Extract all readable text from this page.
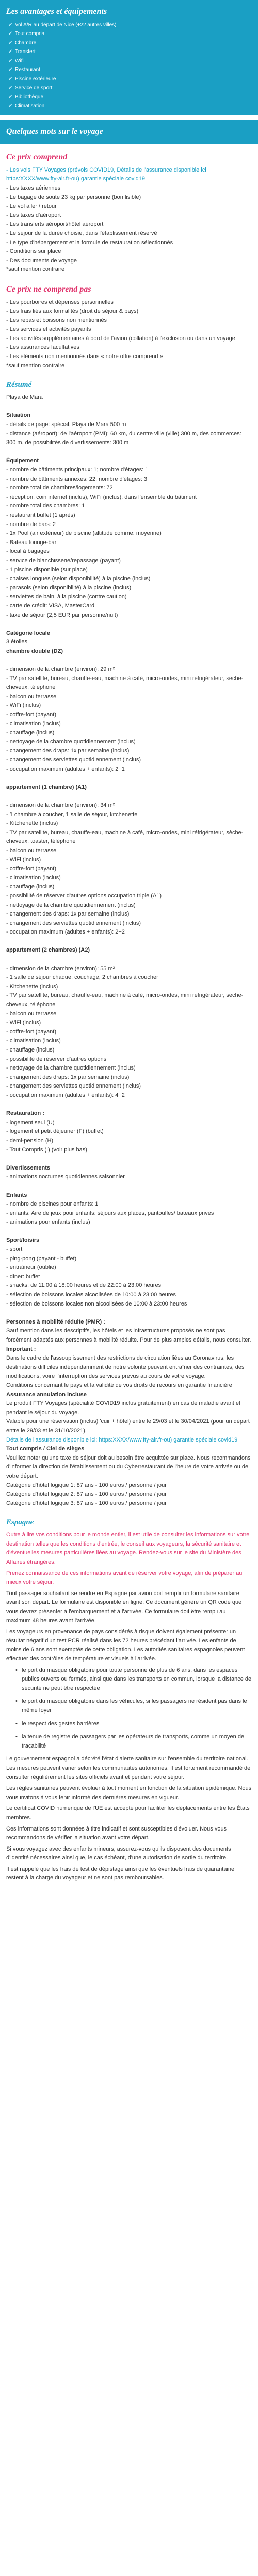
Les avantages et équipements
✔ Vol A/R au départ de Nice (+22 autres villes)
✔ Tout compris
✔ Chambre
✔ Transfert
✔ Wifi
✔ Restaurant
✔ Piscine extérieure
✔ Service de sport
✔ Bibliothèque
✔ Climatisation
Quelques mots sur le voyage
Ce prix comprend
- Les vols FTY Voyages (prévols COVID19, Détails de l'assurance disponible ici https:XXXX/www.fty-air.fr-ou) garantie spéciale covid19
- Les taxes aériennes
- Le bagage de soute 23 kg par personne (bon lisible)
- Le vol aller / retour
- Les taxes d'aéroport
- Les transferts aéroport/hôtel aéroport
- Le séjour de la durée choisie, dans l'établissement réservé
- Le type d'hébergement et la formule de restauration sélectionnés
- Conditions sur place
- Des documents de voyage
*sauf mention contraire
Ce prix ne comprend pas
- Les pourboires et dépenses personnelles
- Les frais liés aux formalités (droit de séjour & pays)
- Les repas et boissons non mentionnés
- Les services et activités payants
- Les activités supplémentaires à bord de l'avion (collation) à l'exclusion ou dans un voyage
- Les assurances facultatives
- Les éléments non mentionnés dans « notre offre comprend »
*sauf mention contraire
Résumé
Playa de Mara

Situation
- détails de page: spécial. Playa de Mara 500 m
- distance (aéroport): de l'aéroport (PMI): 60 km, du centre ville (ville) 300 m, des commerces: 300 m, de possibilités de divertissements: 300 m

Équipement
- nombre de bâtiments principaux: 1; nombre d'étages: 1
- nombre de bâtiments annexes: 22; nombre d'étages: 3
- nombre total de chambres/logements: 72
- réception, coin internet (inclus), WiFi (inclus), dans l'ensemble du bâtiment
- nombre total des chambres: 1
- restaurant buffet (1 après)
- nombre de bars: 2
- 1x Pool (air extérieur) de piscine (altitude comme: moyenne)
- Bateau lounge-bar
- local à bagages
- service de blanchisserie/repassage (payant)
- 1 piscine disponible (sur place)
- chaises longues (selon disponibilité) à la piscine (inclus)
- parasols (selon disponibilité) à la piscine (inclus)
- serviettes de bain, à la piscine (contre caution)
- carte de crédit: VISA, MasterCard
- taxe de séjour (2,5 EUR par personne/nuit)

Catégorie locale
3 étoiles
chambre double (DZ)

- dimension de la chambre (environ): 29 m²
- TV par satellite, bureau, chauffe-eau, machine à café, micro-ondes, mini réfrigérateur, sèche-cheveux, téléphone
- balcon ou terrasse
- WiFi (inclus)
- coffre-fort (payant)
- climatisation (inclus)
- chauffage (inclus)
- nettoyage de la chambre quotidiennement (inclus)
- changement des draps: 1x par semaine (inclus)
- changement des serviettes quotidiennement (inclus)
- occupation maximum (adultes + enfants): 2+1

appartement (1 chambre) (A1)

- dimension de la chambre (environ): 34 m²
- 1 chambre à coucher, 1 salle de séjour, kitchenette
- Kitchenette (inclus)
- TV par satellite, bureau, chauffe-eau, machine à café, micro-ondes, mini réfrigérateur, sèche-cheveux, toaster, téléphone
- balcon ou terrasse
- WiFi (inclus)
- coffre-fort (payant)
- climatisation (inclus)
- chauffage (inclus)
- possibilité de réserver d'autres options occupation triple (A1)
- nettoyage de la chambre quotidiennement (inclus)
- changement des draps: 1x par semaine (inclus)
- changement des serviettes quotidiennement (inclus)
- occupation maximum (adultes + enfants): 2+2

appartement (2 chambres) (A2)

- dimension de la chambre (environ): 55 m²
- 1 salle de séjour chaque, couchage, 2 chambres à coucher
- Kitchenette (inclus)
- TV par satellite, bureau, chauffe-eau, machine à café, micro-ondes, mini réfrigérateur, sèche-cheveux, téléphone
- balcon ou terrasse
- WiFi (inclus)
- coffre-fort (payant)
- climatisation (inclus)
- chauffage (inclus)
- possibilité de réserver d'autres options
- nettoyage de la chambre quotidiennement (inclus)
- changement des draps: 1x par semaine (inclus)
- changement des serviettes quotidiennement (inclus)
- occupation maximum (adultes + enfants): 4+2

Restauration :
- logement seul (U)
- logement et petit déjeuner (F) (buffet)
- demi-pension (H)
- Tout Compris (I) (voir plus bas)

Divertissements
- animations nocturnes quotidiennes saisonnier

Enfants
- nombre de piscines pour enfants: 1
- enfants: Aire de jeux pour enfants: séjours aux places, pantoufles/ bateaux privés
- animations pour enfants (inclus)

Sport/loisirs
- sport
- ping-pong (payant - buffet)
- entraîneur (oublie)
- dîner: buffet
- snacks: de 11:00 à 18:00 heures et de 22:00 à 23:00 heures
- sélection de boissons locales alcoolisées de 10:00 à 23:00 heures
- sélection de boissons locales non alcoolisées de 10:00 à 23:00 heures

Personnes à mobilité réduite (PMR) :
Sauf mention dans les descriptifs, les hôtels et les infrastructures proposés ne sont pas forcément adaptés aux personnes à mobilité réduite. Pour de plus amples détails, nous consulter.
Important :
Dans le cadre de l'assouplissement des restrictions de circulation liées au Coronavirus, les destinations difficiles indépendamment de notre volonté peuvent entraîner des contraintes, des modifications, voire l'interruption des services prévus au cours de votre voyage.
Conditions concernant le pays et la validité de vos droits de recours en garantie financière
Assurance annulation incluse
Le produit FTY Voyages (spécialité COVID19 inclus gratuitement) en cas de maladie avant et pendant le séjour du voyage.
Valable pour une réservation (inclus) 'cuir + hôtel) entre le 29/03 et le 30/04/2021 (pour un départ entre le 29/03 et le 31/10/2021).
Détails de l'assurance disponible ici: https:XXXX/www.fty-air.fr-ou) garantie spéciale covid19
Tout compris / Ciel de sièges
Veuillez noter qu'une taxe de séjour doit au besoin être acquittée sur place. Nous recommandons d'informer la direction de l'établissement ou du Cyberrestaurant de l'heure de votre arrivée ou de votre départ.
Catégorie d'hôtel logique 1: 87 ans - 100 euros / personne / jour
Catégorie d'hôtel logique 2: 87 ans - 100 euros / personne / jour
Catégorie d'hôtel logique 3: 87 ans - 100 euros / personne / jour
Espagne

Outre à lire vos conditions pour le monde entier, il est utile de consulter les informations sur votre destination telles que les conditions d'entrée, le conseil aux voyageurs, la sécurité sanitaire et d'éventuelles mesures particulières liées au voyage. Rendez-vous sur le site du Ministère des Affaires étrangères.

Prenez connaissance de ces informations avant de réserver votre voyage, afin de préparer au mieux votre séjour.

Tout passager souhaitant se rendre en Espagne par avion doit remplir un formulaire sanitaire avant son départ. Le formulaire est disponible en ligne. Ce document génère un QR code que vous devrez présenter à l'embarquement et à l'arrivée. Ce formulaire doit être rempli au maximum 48 heures avant l'arrivée.

Les voyageurs en provenance de pays considérés à risque doivent également présenter un résultat négatif d'un test PCR réalisé dans les 72 heures précédant l'arrivée. Les enfants de moins de 6 ans sont exemptés de cette obligation. Les autorités sanitaires espagnoles peuvent effectuer des contrôles de température et visuels à l'arrivée.

• le port du masque obligatoire pour toute personne de plus de 6 ans, dans les espaces publics ouverts ou fermés, ainsi que dans les transports en commun, lorsque la distance de sécurité ne peut être respectée
• le port du masque obligatoire dans les véhicules, si les passagers ne résident pas dans le même foyer
• le respect des gestes barrières
• la tenue de registre de passagers par les opérateurs de transports, comme un moyen de traçabilité

Le gouvernement espagnol a décrété l'état d'alerte sanitaire sur l'ensemble du territoire national. Les mesures peuvent varier selon les communautés autonomes. Il est fortement recommandé de consulter régulièrement les sites officiels avant et pendant votre séjour.

Les règles sanitaires peuvent évoluer à tout moment en fonction de la situation épidémique. Nous vous invitons à vous tenir informé des dernières mesures en vigueur.

Le certificat COVID numérique de l'UE est accepté pour faciliter les déplacements entre les États membres.

Ces informations sont données à titre indicatif et sont susceptibles d'évoluer. Nous vous recommandons de vérifier la situation avant votre départ.

Si vous voyagez avec des enfants mineurs, assurez-vous qu'ils disposent des documents d'identité nécessaires ainsi que, le cas échéant, d'une autorisation de sortie du territoire.

Il est rappelé que les frais de test de dépistage ainsi que les éventuels frais de quarantaine restent à la charge du voyageur et ne sont pas remboursables.
